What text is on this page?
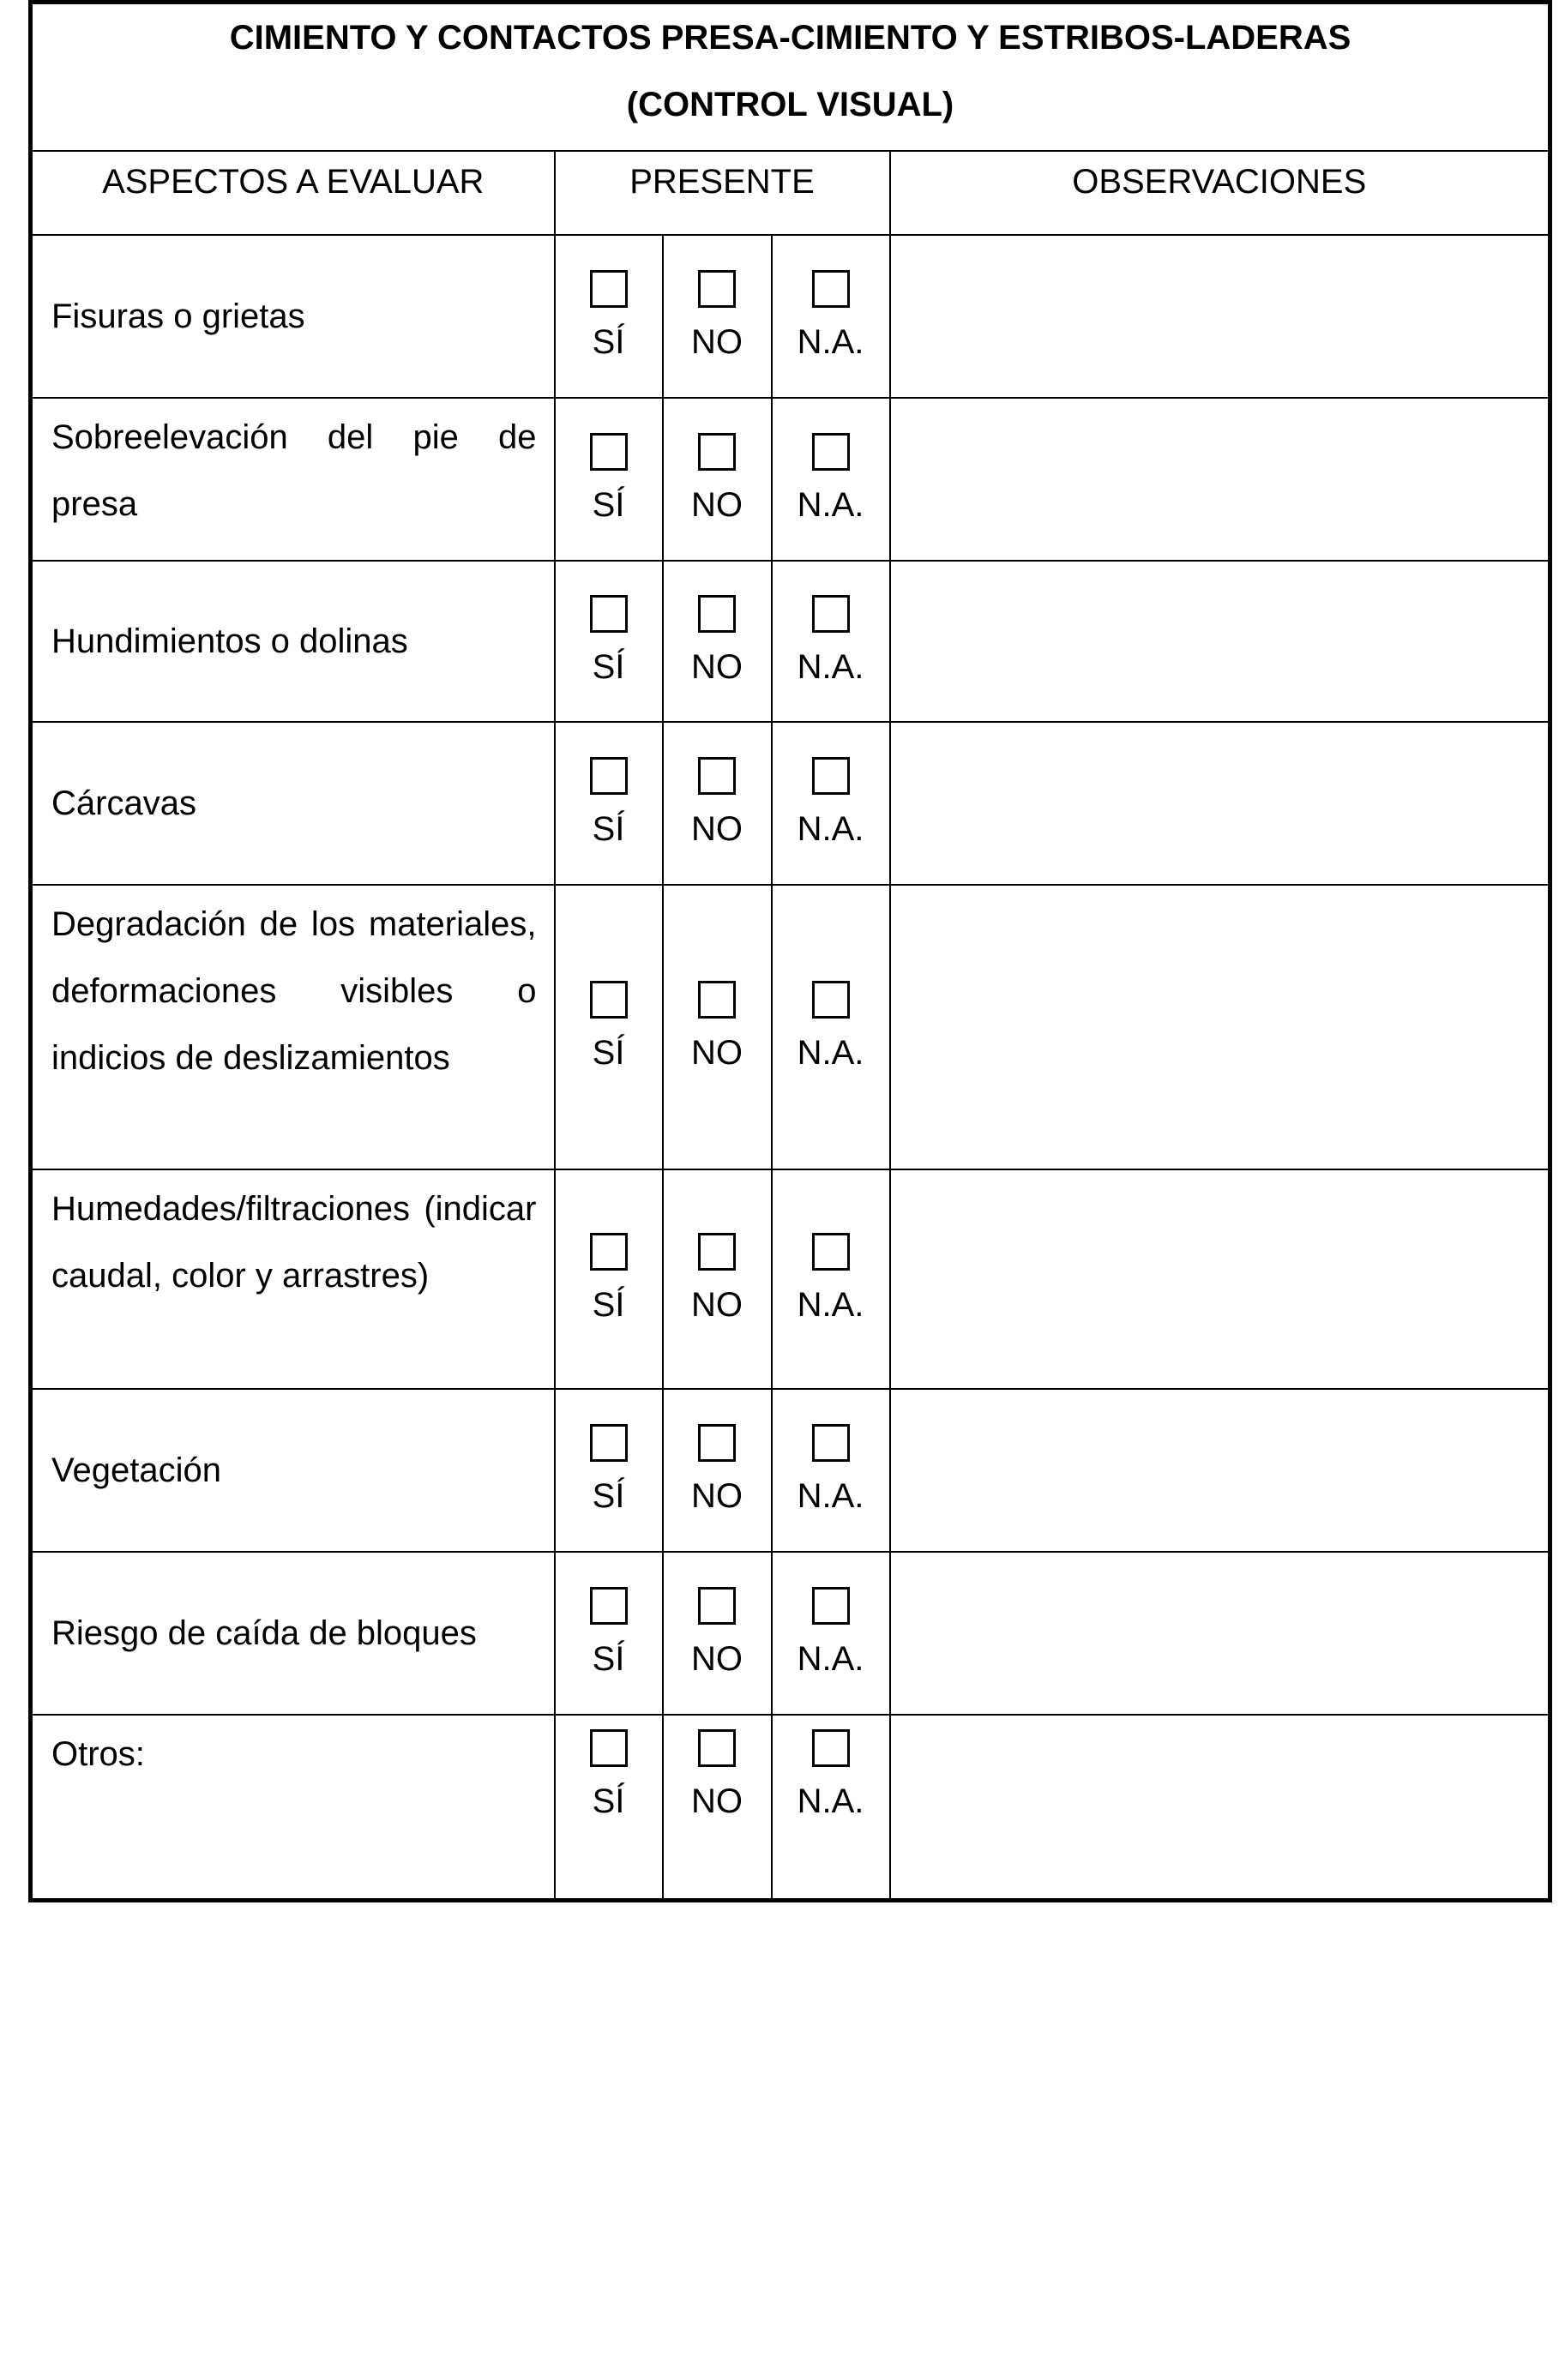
CIMIENTO Y CONTACTOS PRESA-CIMIENTO Y ESTRIBOS-LADERAS
(CONTROL VISUAL)				

ASPECTOS A EVALUAR	PRESENTE			OBSERVACIONES
Fisuras o grietas	SÍ	NO	N.A.	

Sobreelevación del pie de presa	SÍ	NO	N.A.	

Hundimientos o dolinas	SÍ	NO	N.A.	

Cárcavas	SÍ	NO	N.A.	

Degradación de los materiales, deformaciones visibles o indicios de deslizamientos	SÍ	NO	N.A.	

Humedades/filtraciones (indicar caudal, color y arrastres)	SÍ	NO	N.A.	

Vegetación	SÍ	NO	N.A.	

Riesgo de caída de bloques	SÍ	NO	N.A.	

Otros:	SÍ	NO	N.A.	
